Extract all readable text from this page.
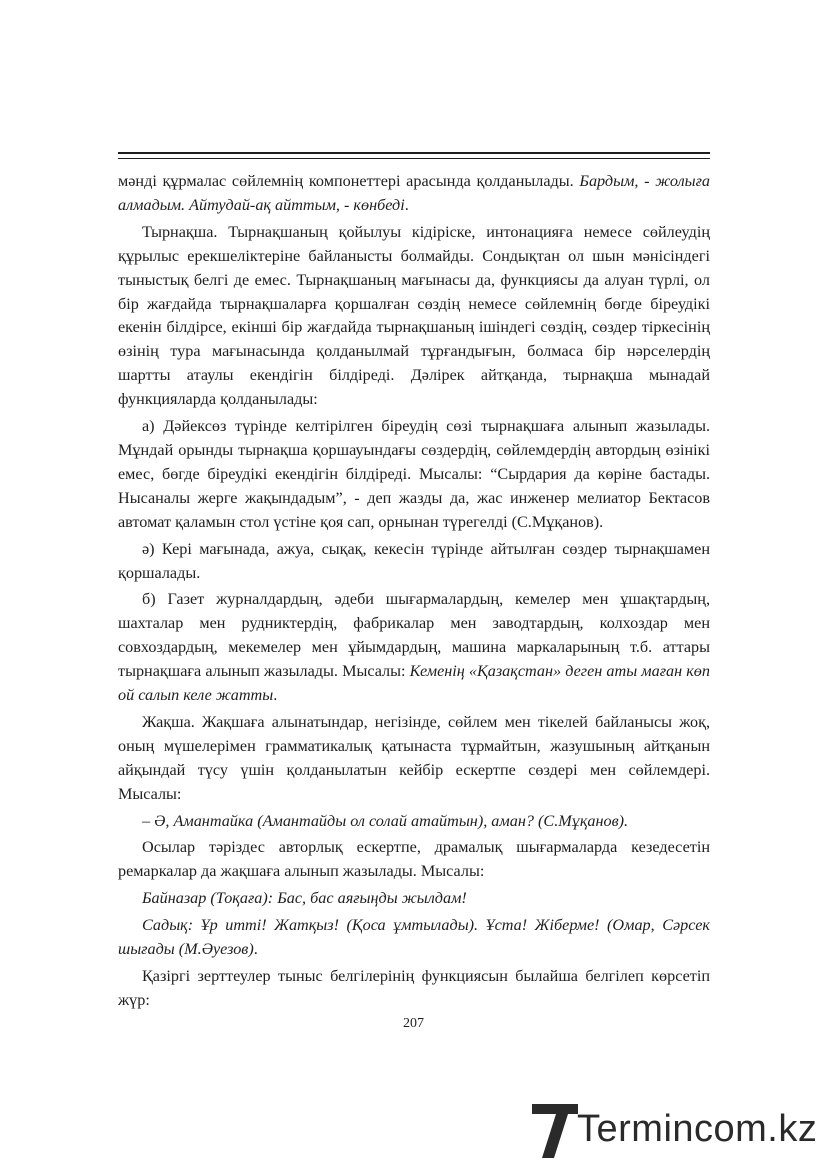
мәнді құрмалас сөйлемнің компонеттері арасында қолданылады. Бардым, - жолыға алмадым. Айтудай-ақ айттым, - көнбеді.

Тырнақша. Тырнақшаның қойылуы кідіріске, интонацияға немесе сөйлеудің құрылыс ерекшеліктеріне байланысты болмайды. Сондықтан ол шын мәнісіндегі тыныстық белгі де емес. Тырнақшаның мағынасы да, функциясы да алуан түрлі, ол бір жағдайда тырнақшаларға қоршалған сөздің немесе сөйлемнің бөгде біреудікі екенін білдірсе, екінші бір жағдайда тырнақшаның ішіндегі сөздің, сөздер тіркесінің өзінің тура мағынасында қолданылмай тұрғандығын, болмаса бір нәрселердің шартты атаулы екендігін білдіреді. Дәлірек айтқанда, тырнақша мынадай функцияларда қолданылады:

а) Дәйексөз түрінде келтірілген біреудің сөзі тырнақшаға алынып жазылады. Мұндай орынды тырнақша қоршауындағы сөздердің, сөйлемдердің автордың өзінікі емес, бөгде біреудікі екендігін білдіреді. Мысалы: “Сырдария да көріне бастады. Нысаналы жерге жақындадым”, - деп жазды да, жас инженер мелиатор Бектасов автомат қаламын стол үстіне қоя сап, орнынан түрегелді (С.Мұқанов).

ә) Кері мағынада, ажуа, сықақ, кекесін түрінде айтылған сөздер тырнақшамен қоршалады.

б) Газет журналдардың, әдеби шығармалардың, кемелер мен ұшақтардың, шахталар мен рудниктердің, фабрикалар мен заводтардың, колхоздар мен совхоздардың, мекемелер мен ұйымдардың, машина маркаларының т.б. аттары тырнақшаға алынып жазылады. Мысалы: Кеменің «Қазақстан» деген аты маған көп ой салып келе жатты.

Жақша. Жақшаға алынатындар, негізінде, сөйлем мен тікелей байланысы жоқ, оның мүшелерімен грамматикалық қатынаста тұрмайтын, жазушының айтқанын айқындай түсу үшін қолданылатын кейбір ескертпе сөздері мен сөйлемдері. Мысалы:

– Ә, Амантайка (Амантайды ол солай атайтын), аман? (С.Мұқанов).

Осылар тәріздес авторлық ескертпе, драмалық шығармаларда кезедесетін ремаркалар да жақшаға алынып жазылады. Мысалы:

Байназар (Тоқаға): Бас, бас аяғыңды жылдам!

Садық: Ұр итті! Жатқыз! (Қоса ұмтылады). Ұста! Жіберме! (Омар, Сәрсек шығады (М.Әуезов).

Қазіргі зерттеулер тыныс белгілерінің функциясын былайша белгілеп көрсетіп жүр:

207
Termincom.kz
